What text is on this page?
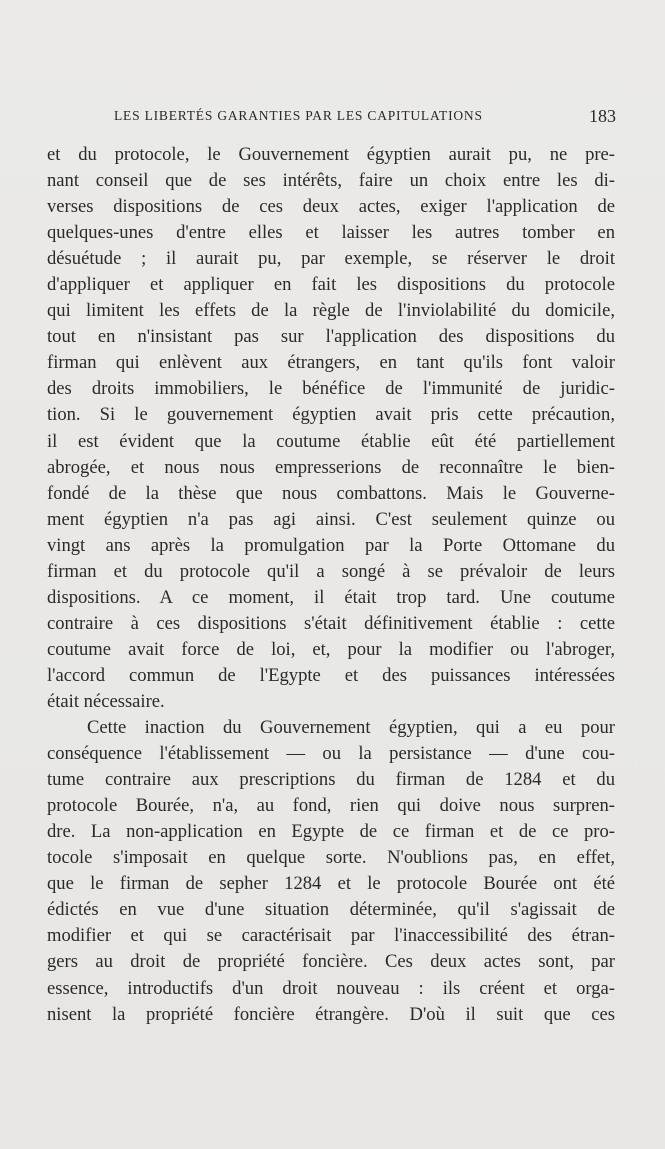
LES LIBERTÉS GARANTIES PAR LES CAPITULATIONS	183
et du protocole, le Gouvernement égyptien aurait pu, ne pre-
nant conseil que de ses intérêts, faire un choix entre les di-
verses dispositions de ces deux actes, exiger l'application de
quelques-unes d'entre elles et laisser les autres tomber en
désuétude ; il aurait pu, par exemple, se réserver le droit
d'appliquer et appliquer en fait les dispositions du protocole
qui limitent les effets de la règle de l'inviolabilité du domicile,
tout en n'insistant pas sur l'application des dispositions du
firman qui enlèvent aux étrangers, en tant qu'ils font valoir
des droits immobiliers, le bénéfice de l'immunité de juridic-
tion. Si le gouvernement égyptien avait pris cette précaution,
il est évident que la coutume établie eût été partiellement
abrogée, et nous nous empresserions de reconnaître le bien-
fondé de la thèse que nous combattons. Mais le Gouverne-
ment égyptien n'a pas agi ainsi. C'est seulement quinze ou
vingt ans après la promulgation par la Porte Ottomane du
firman et du protocole qu'il a songé à se prévaloir de leurs
dispositions. A ce moment, il était trop tard. Une coutume
contraire à ces dispositions s'était définitivement établie : cette
coutume avait force de loi, et, pour la modifier ou l'abroger,
l'accord commun de l'Egypte et des puissances intéressées
était nécessaire.
Cette inaction du Gouvernement égyptien, qui a eu pour
conséquence l'établissement — ou la persistance — d'une cou-
tume contraire aux prescriptions du firman de 1284 et du
protocole Bourée, n'a, au fond, rien qui doive nous surpren-
dre. La non-application en Egypte de ce firman et de ce pro-
tocole s'imposait en quelque sorte. N'oublions pas, en effet,
que le firman de sepher 1284 et le protocole Bourée ont été
édictés en vue d'une situation déterminée, qu'il s'agissait de
modifier et qui se caractérisait par l'inaccessibilité des étran-
gers au droit de propriété foncière. Ces deux actes sont, par
essence, introductifs d'un droit nouveau : ils créent et orga-
nisent la propriété foncière étrangère. D'où il suit que ces
